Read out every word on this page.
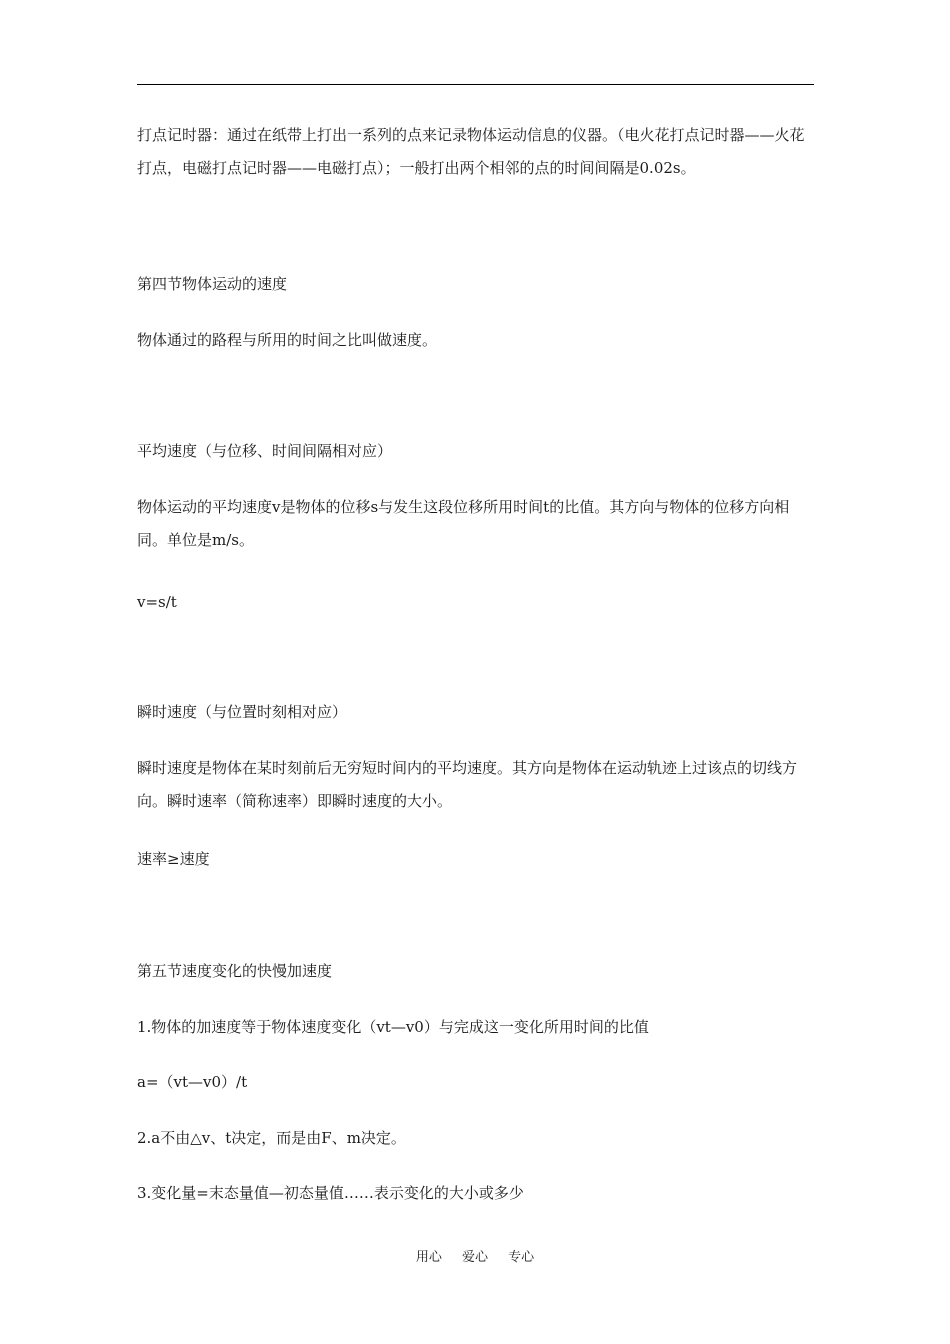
打点记时器：通过在纸带上打出一系列的点来记录物体运动信息的仪器。（电火花打点记时器——火花打点，电磁打点记时器——电磁打点）；一般打出两个相邻的点的时间间隔是0.02s。

第四节物体运动的速度

物体通过的路程与所用的时间之比叫做速度。

平均速度（与位移、时间间隔相对应）

物体运动的平均速度v是物体的位移s与发生这段位移所用时间t的比值。其方向与物体的位移方向相同。单位是m/s。

v=s/t

瞬时速度（与位置时刻相对应）

瞬时速度是物体在某时刻前后无穷短时间内的平均速度。其方向是物体在运动轨迹上过该点的切线方向。瞬时速率（简称速率）即瞬时速度的大小。

速率≥速度

第五节速度变化的快慢加速度

1.物体的加速度等于物体速度变化（vt—v0）与完成这一变化所用时间的比值

a=（vt—v0）/t

2.a不由△v、t决定，而是由F、m决定。

3.变化量=末态量值—初态量值……表示变化的大小或多少

用心 爱心 专心
